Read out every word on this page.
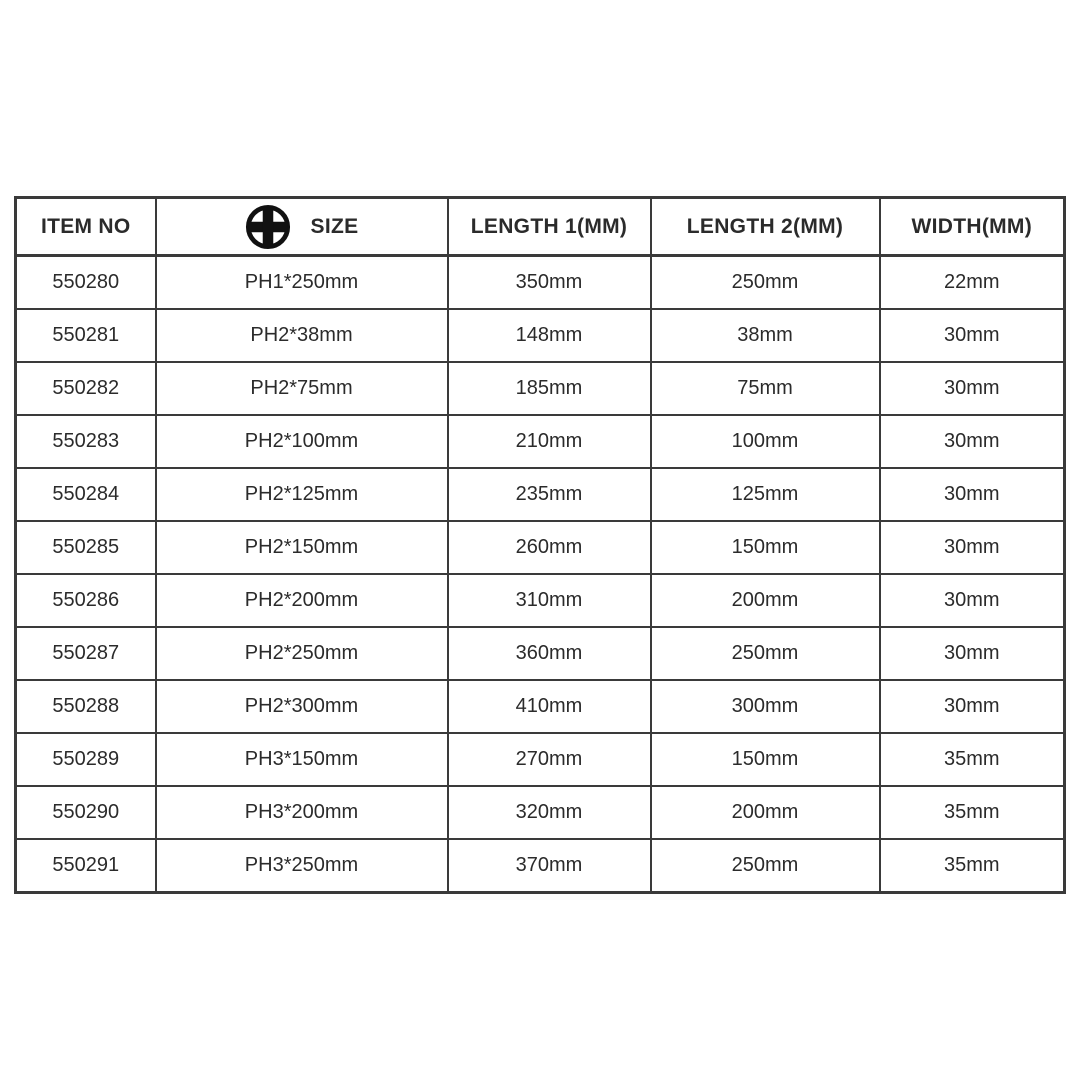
ITEM NO	SIZE	LENGTH 1(MM)	LENGTH 2(MM)	WIDTH(MM)
550280	PH1*250mm	350mm	250mm	22mm
550281	PH2*38mm	148mm	38mm	30mm
550282	PH2*75mm	185mm	75mm	30mm
550283	PH2*100mm	210mm	100mm	30mm
550284	PH2*125mm	235mm	125mm	30mm
550285	PH2*150mm	260mm	150mm	30mm
550286	PH2*200mm	310mm	200mm	30mm
550287	PH2*250mm	360mm	250mm	30mm
550288	PH2*300mm	410mm	300mm	30mm
550289	PH3*150mm	270mm	150mm	35mm
550290	PH3*200mm	320mm	200mm	35mm
550291	PH3*250mm	370mm	250mm	35mm
